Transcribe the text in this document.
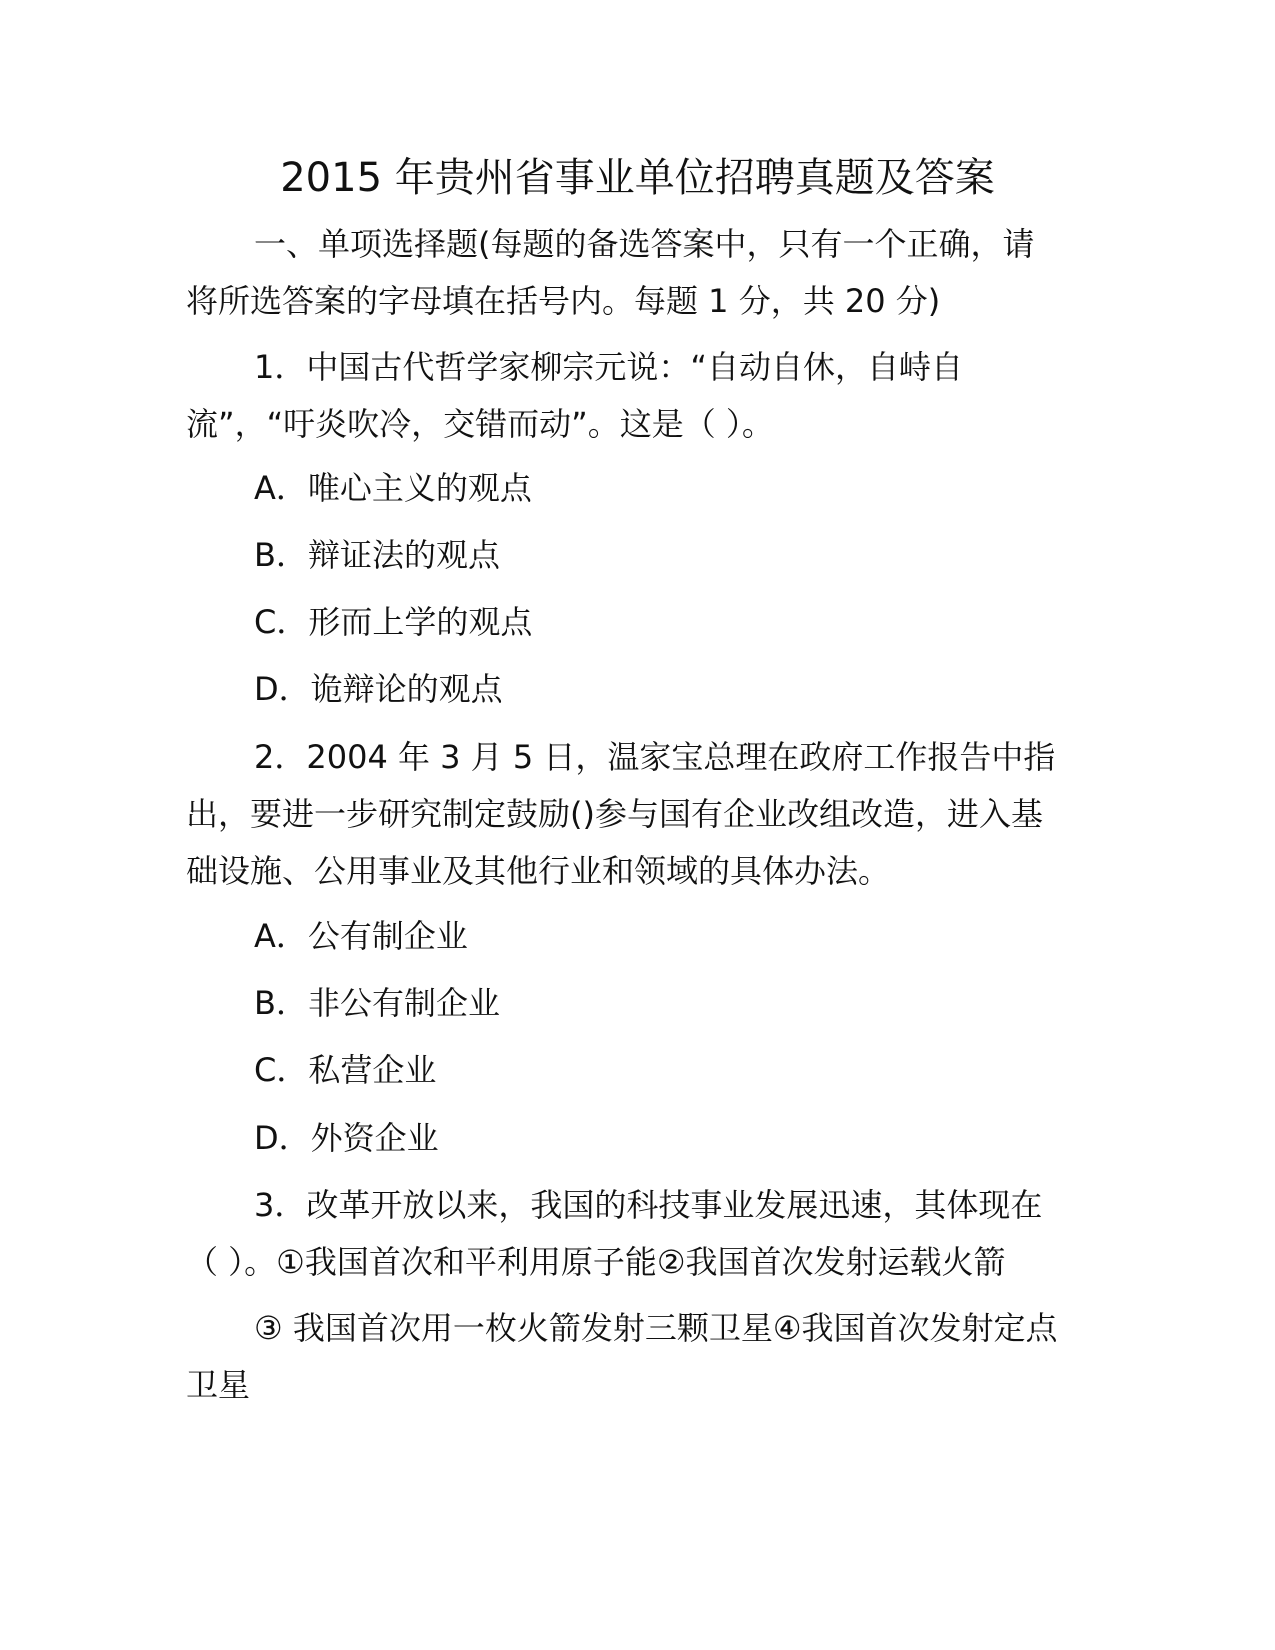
2015 年贵州省事业单位招聘真题及答案

一、单项选择题(每题的备选答案中，只有一个正确，请
将所选答案的字母填在括号内。每题 1 分，共 20 分)

1．中国古代哲学家柳宗元说：“自动自休，自峙自
流”，“吁炎吹冷，交错而动”。这是（ ）。

A．唯心主义的观点
B．辩证法的观点
C．形而上学的观点
D．诡辩论的观点

2．2004 年 3 月 5 日，温家宝总理在政府工作报告中指
出，要进一步研究制定鼓励()参与国有企业改组改造，进入基
础设施、公用事业及其他行业和领域的具体办法。

A．公有制企业
B．非公有制企业
C．私营企业
D．外资企业

3．改革开放以来，我国的科技事业发展迅速，其体现在
（ ）。①我国首次和平利用原子能②我国首次发射运载火箭

③ 我国首次用一枚火箭发射三颗卫星④我国首次发射定点
卫星
